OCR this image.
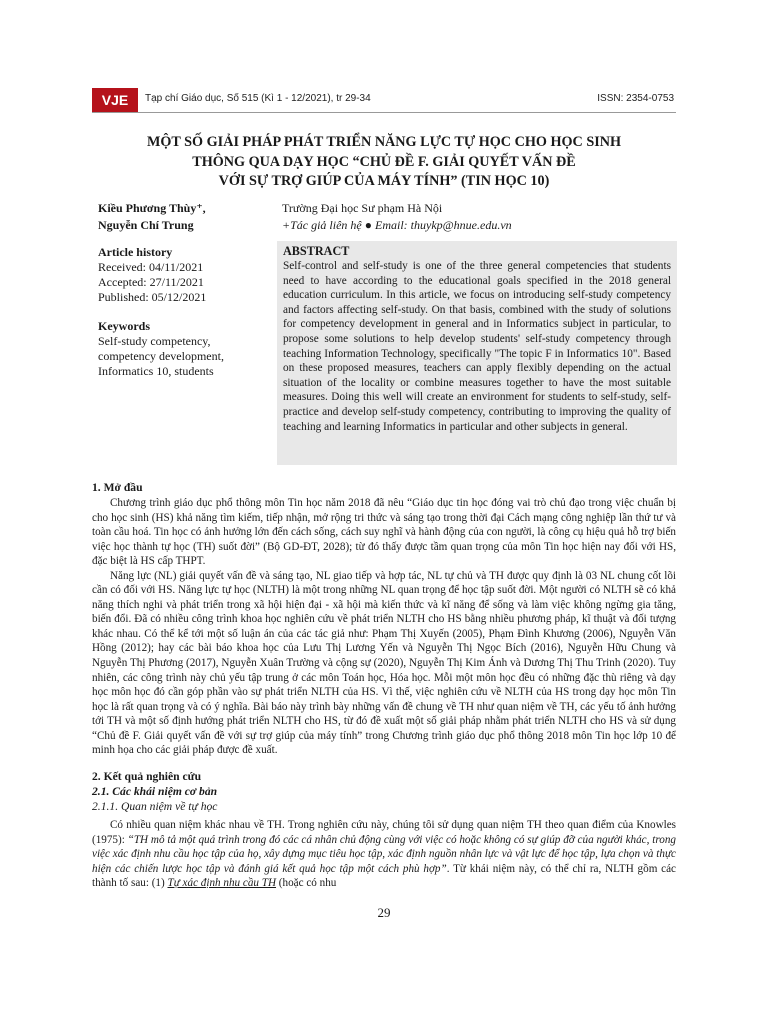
VJE	Tạp chí Giáo dục, Số 515 (Kì 1 - 12/2021), tr 29-34	ISSN: 2354-0753
MỘT SỐ GIẢI PHÁP PHÁT TRIỂN NĂNG LỰC TỰ HỌC CHO HỌC SINH
THÔNG QUA DẠY HỌC “CHỦ ĐỀ F. GIẢI QUYẾT VẤN ĐỀ
VỚI SỰ TRỢ GIÚP CỦA MÁY TÍNH” (TIN HỌC 10)
Kiều Phương Thùy⁺,
Nguyễn Chí Trung
Trường Đại học Sư phạm Hà Nội
+Tác giả liên hệ ● Email: thuykp@hnue.edu.vn
Article history
Received: 04/11/2021
Accepted: 27/11/2021
Published: 05/12/2021
Keywords
Self-study competency,
competency development,
Informatics 10, students
ABSTRACT
Self-control and self-study is one of the three general competencies that students need to have according to the educational goals specified in the 2018 general education curriculum. In this article, we focus on introducing self-study competency and factors affecting self-study. On that basis, combined with the study of solutions for competency development in general and in Informatics subject in particular, to propose some solutions to help develop students' self-study competency through teaching Information Technology, specifically "The topic F in Informatics 10". Based on these proposed measures, teachers can apply flexibly depending on the actual situation of the locality or combine measures together to have the most suitable measures. Doing this well will create an environment for students to self-study, self-practice and develop self-study competency, contributing to improving the quality of teaching and learning Informatics in particular and other subjects in general.
1. Mở đầu

Chương trình giáo dục phổ thông môn Tin học năm 2018 đã nêu “Giáo dục tin học đóng vai trò chủ đạo trong việc chuẩn bị cho học sinh (HS) khả năng tìm kiếm, tiếp nhận, mở rộng tri thức và sáng tạo trong thời đại Cách mạng công nghiệp lần thứ tư và toàn cầu hoá. Tin học có ảnh hưởng lớn đến cách sống, cách suy nghĩ và hành động của con người, là công cụ hiệu quả hỗ trợ biến việc học thành tự học (TH) suốt đời” (Bộ GD-ĐT, 2028); từ đó thấy được tầm quan trọng của môn Tin học hiện nay đối với HS, đặc biệt là HS cấp THPT.

Năng lực (NL) giải quyết vấn đề và sáng tạo, NL giao tiếp và hợp tác, NL tự chủ và TH được quy định là 03 NL chung cốt lõi cần có đối với HS. Năng lực tự học (NLTH) là một trong những NL quan trọng để học tập suốt đời. Một người có NLTH sẽ có khả năng thích nghi và phát triển trong xã hội hiện đại - xã hội mà kiến thức và kĩ năng để sống và làm việc không ngừng gia tăng, biến đổi. Đã có nhiều công trình khoa học nghiên cứu về phát triển NLTH cho HS bằng nhiều phương pháp, kĩ thuật và đối tượng khác nhau. Có thể kể tới một số luận án của các tác giả như: Phạm Thị Xuyến (2005), Phạm Đình Khương (2006), Nguyễn Văn Hồng (2012); hay các bài báo khoa học của Lưu Thị Lương Yến và Nguyễn Thị Ngọc Bích (2016), Nguyễn Hữu Chung và Nguyễn Thị Phương (2017), Nguyễn Xuân Trường và cộng sự (2020), Nguyễn Thị Kim Ánh và Dương Thị Thu Trinh (2020). Tuy nhiên, các công trình này chủ yếu tập trung ở các môn Toán học, Hóa học. Mỗi một môn học đều có những đặc thù riêng và dạy học môn học đó cần góp phần vào sự phát triển NLTH của HS. Vì thế, việc nghiên cứu về NLTH của HS trong dạy học môn Tin học là rất quan trọng và có ý nghĩa. Bài báo này trình bày những vấn đề chung về TH như quan niệm về TH, các yếu tố ảnh hưởng tới TH và một số định hướng phát triển NLTH cho HS, từ đó đề xuất một số giải pháp nhằm phát triển NLTH cho HS và sử dụng “Chủ đề F. Giải quyết vấn đề với sự trợ giúp của máy tính” trong Chương trình giáo dục phổ thông 2018 môn Tin học lớp 10 để minh họa cho các giải pháp được đề xuất.

2. Kết quả nghiên cứu
2.1. Các khái niệm cơ bản
2.1.1. Quan niệm về tự học

Có nhiều quan niệm khác nhau về TH. Trong nghiên cứu này, chúng tôi sử dụng quan niệm TH theo quan điểm của Knowles (1975): “TH mô tả một quá trình trong đó các cá nhân chủ động cùng với việc có hoặc không có sự giúp đỡ của người khác, trong việc xác định nhu cầu học tập của họ, xây dựng mục tiêu học tập, xác định nguồn nhân lực và vật lực để học tập, lựa chọn và thực hiện các chiến lược học tập và đánh giá kết quả học tập một cách phù hợp”. Từ khái niệm này, có thể chỉ ra, NLTH gồm các thành tố sau: (1) Tự xác định nhu cầu TH (hoặc có nhu

29
